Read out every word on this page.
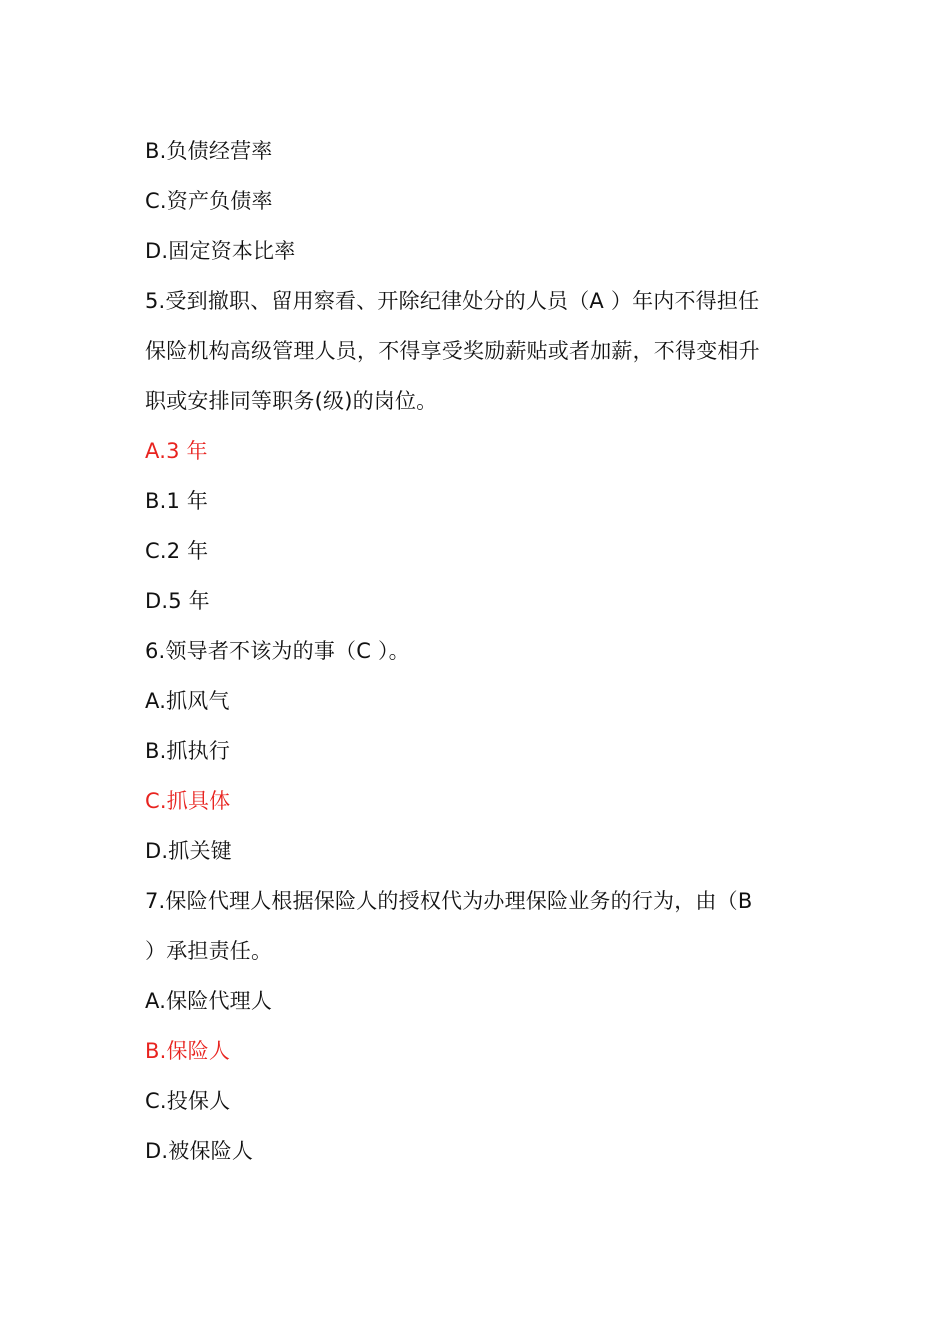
B.负债经营率
C.资产负债率
D.固定资本比率
5.受到撤职、留用察看、开除纪律处分的人员（A ）年内不得担任
保险机构高级管理人员，不得享受奖励薪贴或者加薪，不得变相升
职或安排同等职务(级)的岗位。
A.3 年
B.1 年
C.2 年
D.5 年
6.领导者不该为的事（C ）。
A.抓风气
B.抓执行
C.抓具体
D.抓关键
7.保险代理人根据保险人的授权代为办理保险业务的行为，由（B
）承担责任。
A.保险代理人
B.保险人
C.投保人
D.被保险人
